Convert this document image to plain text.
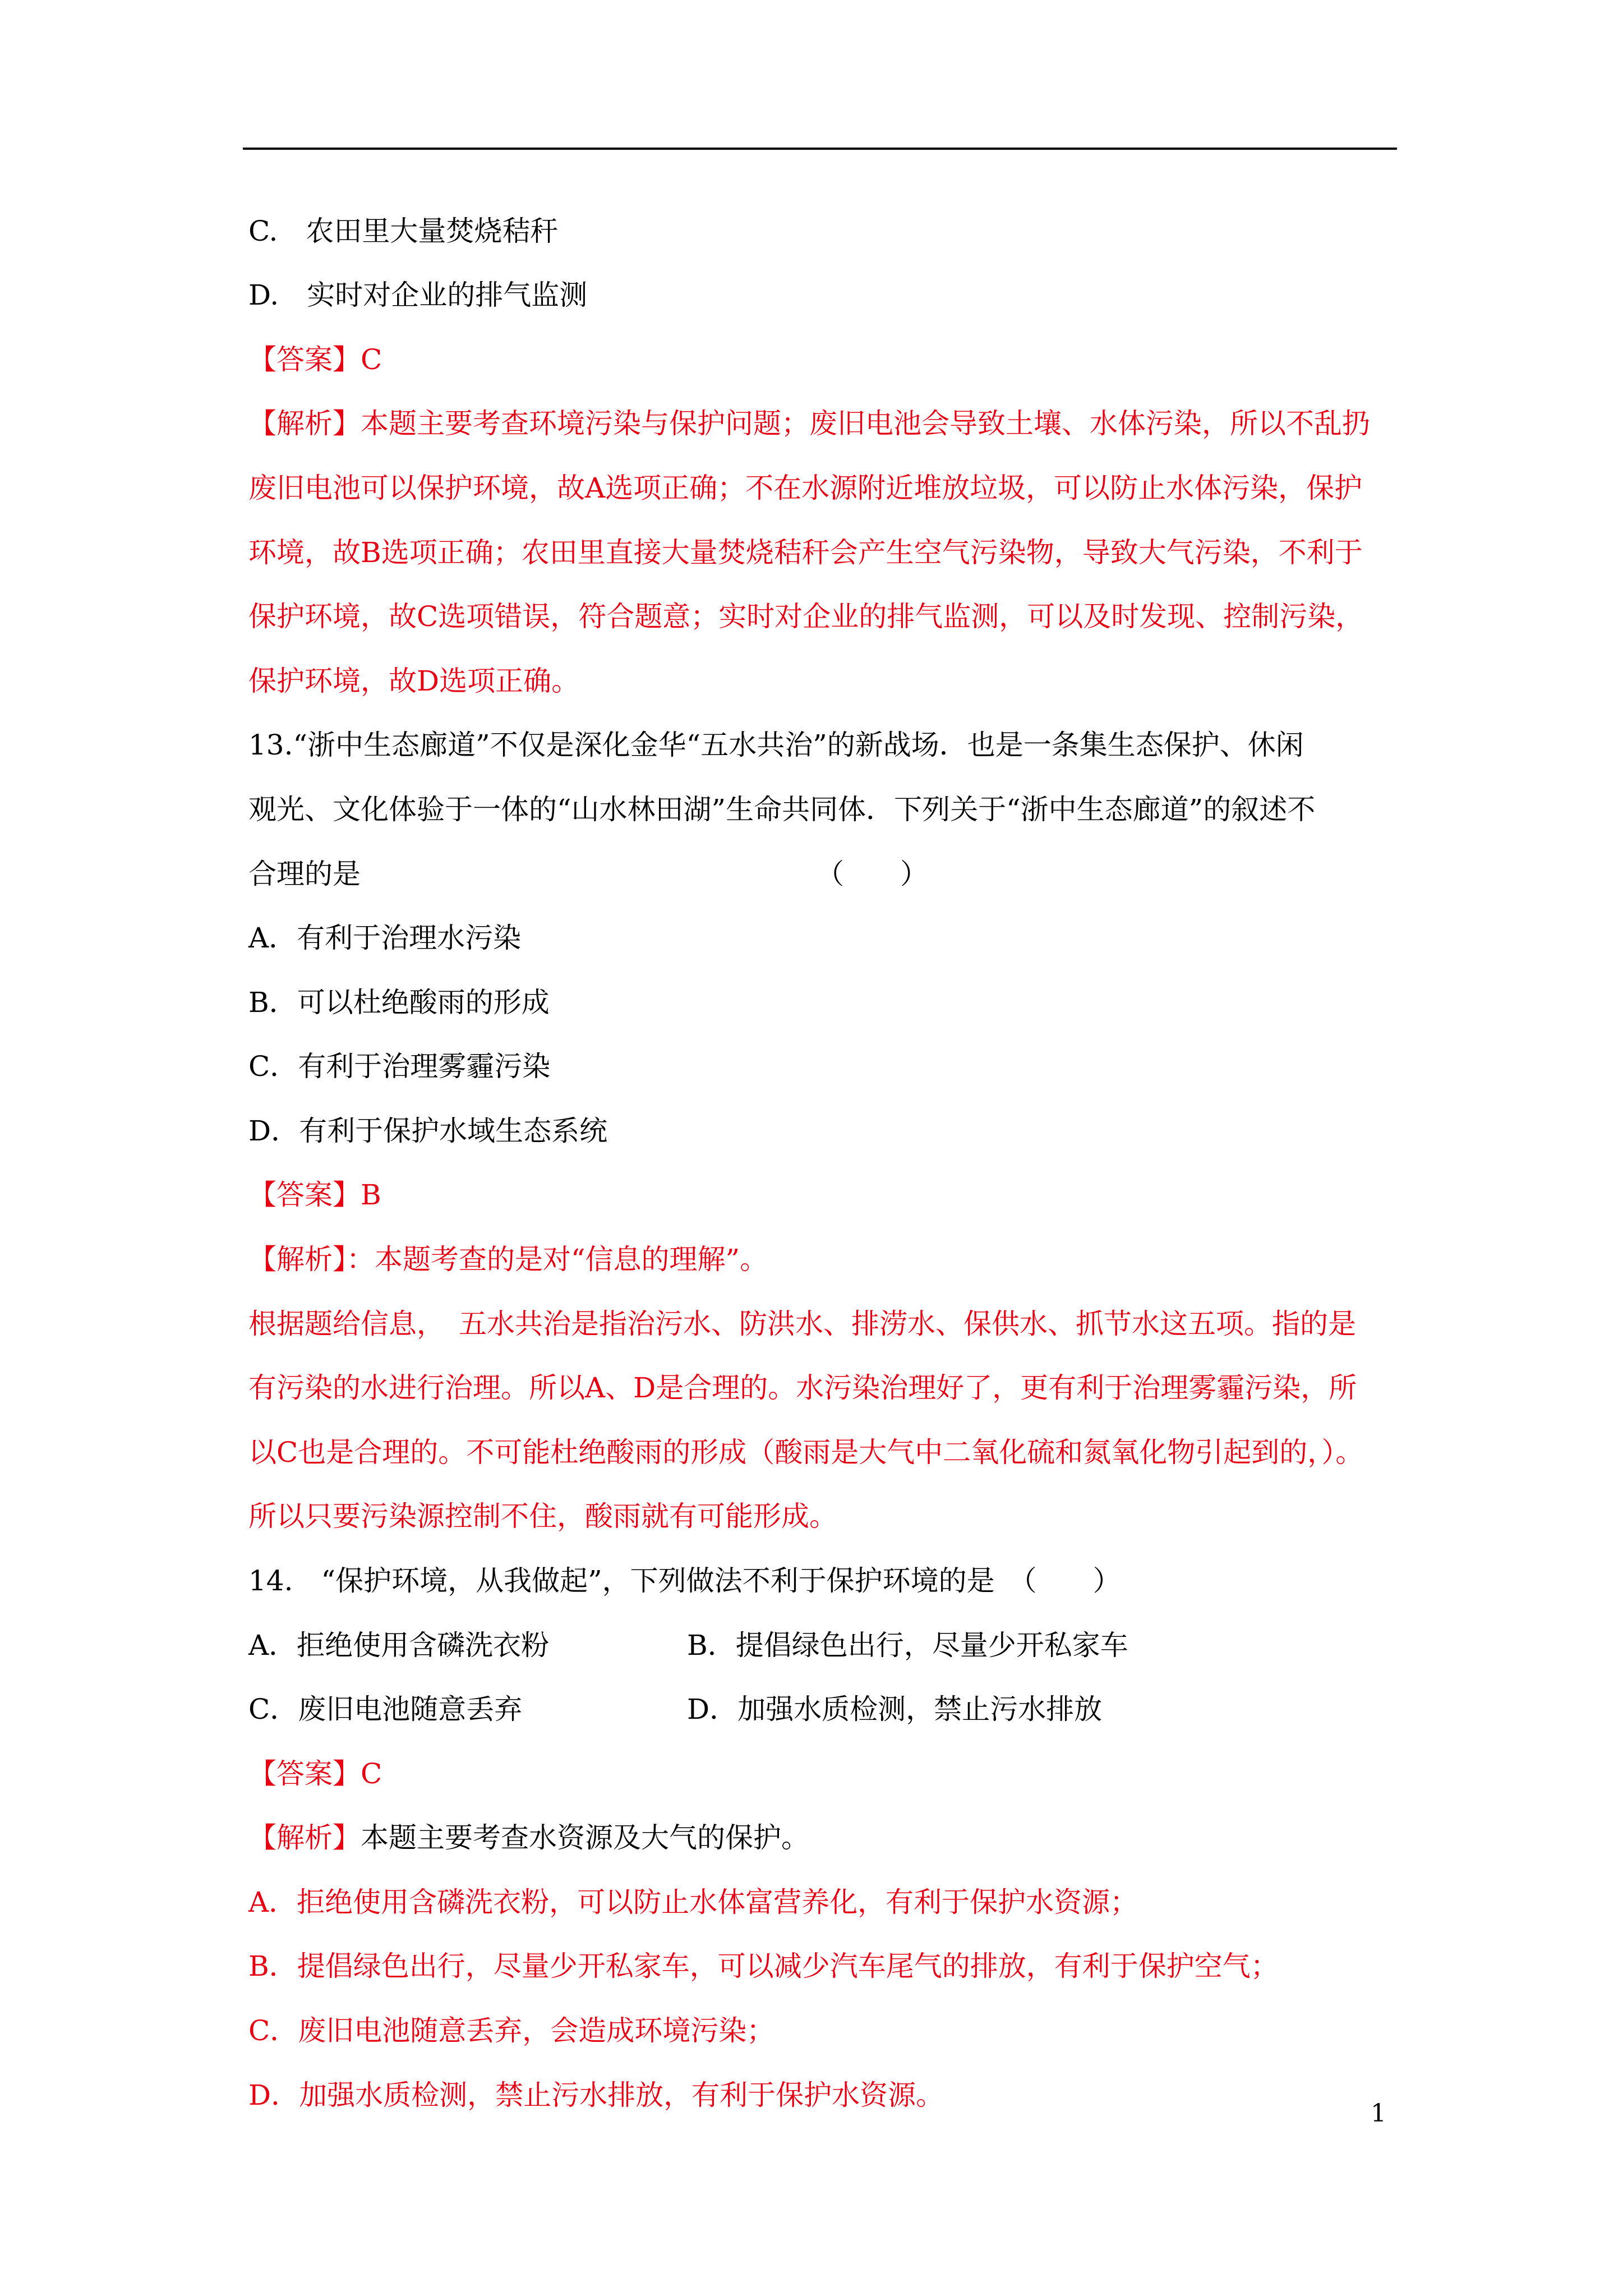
C.　农田里大量焚烧秸秆
D.　实时对企业的排气监测
【答案】C
【解析】本题主要考查环境污染与保护问题；废旧电池会导致土壤、水体污染，所以不乱扔
废旧电池可以保护环境，故A选项正确；不在水源附近堆放垃圾，可以防止水体污染，保护
环境，故B选项正确；农田里直接大量焚烧秸秆会产生空气污染物，导致大气污染，不利于
保护环境，故C选项错误，符合题意；实时对企业的排气监测，可以及时发现、控制污染，
保护环境，故D选项正确。
13.“浙中生态廊道”不仅是深化金华“五水共治”的新战场．也是一条集生态保护、休闲
观光、文化体验于一体的“山水林田湖”生命共同体．下列关于“浙中生态廊道”的叙述不
合理的是	（　　）
A．有利于治理水污染
B．可以杜绝酸雨的形成
C．有利于治理雾霾污染
D．有利于保护水域生态系统
【答案】B
【解析】：本题考查的是对“信息的理解”。
根据题给信息，　五水共治是指治污水、防洪水、排涝水、保供水、抓节水这五项。指的是
有污染的水进行治理。所以A、D是合理的。水污染治理好了，更有利于治理雾霾污染，所
以C也是合理的。不可能杜绝酸雨的形成（酸雨是大气中二氧化硫和氮氧化物引起到的，）。
所以只要污染源控制不住，酸雨就有可能形成。
14.　“保护环境，从我做起”，下列做法不利于保护环境的是　（　　）
A．拒绝使用含磷洗衣粉	B．提倡绿色出行，尽量少开私家车
C．废旧电池随意丢弃	D．加强水质检测，禁止污水排放
【答案】C
【解析】本题主要考查水资源及大气的保护。
A．拒绝使用含磷洗衣粉，可以防止水体富营养化，有利于保护水资源；
B．提倡绿色出行，尽量少开私家车，可以减少汽车尾气的排放，有利于保护空气；
C．废旧电池随意丢弃，会造成环境污染；
D．加强水质检测，禁止污水排放，有利于保护水资源。
1
